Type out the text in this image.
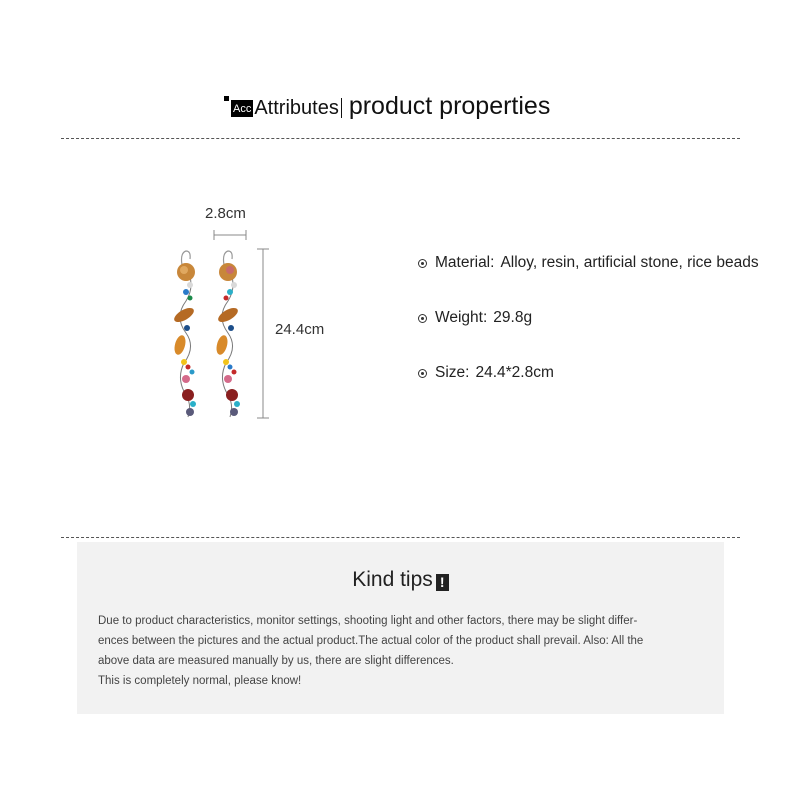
Acc Attributes product properties
2.8cm
24.4cm
Material: Alloy, resin, artificial stone, rice beads
Weight: 29.8g
Size: 24.4*2.8cm
Kind tips !
Due to product characteristics, monitor settings, shooting light and other factors, there may be slight differ-
ences between the pictures and the actual product.The actual color of the product shall prevail. Also: All the
above data are measured manually by us, there are slight differences.
This is completely normal, please know!
